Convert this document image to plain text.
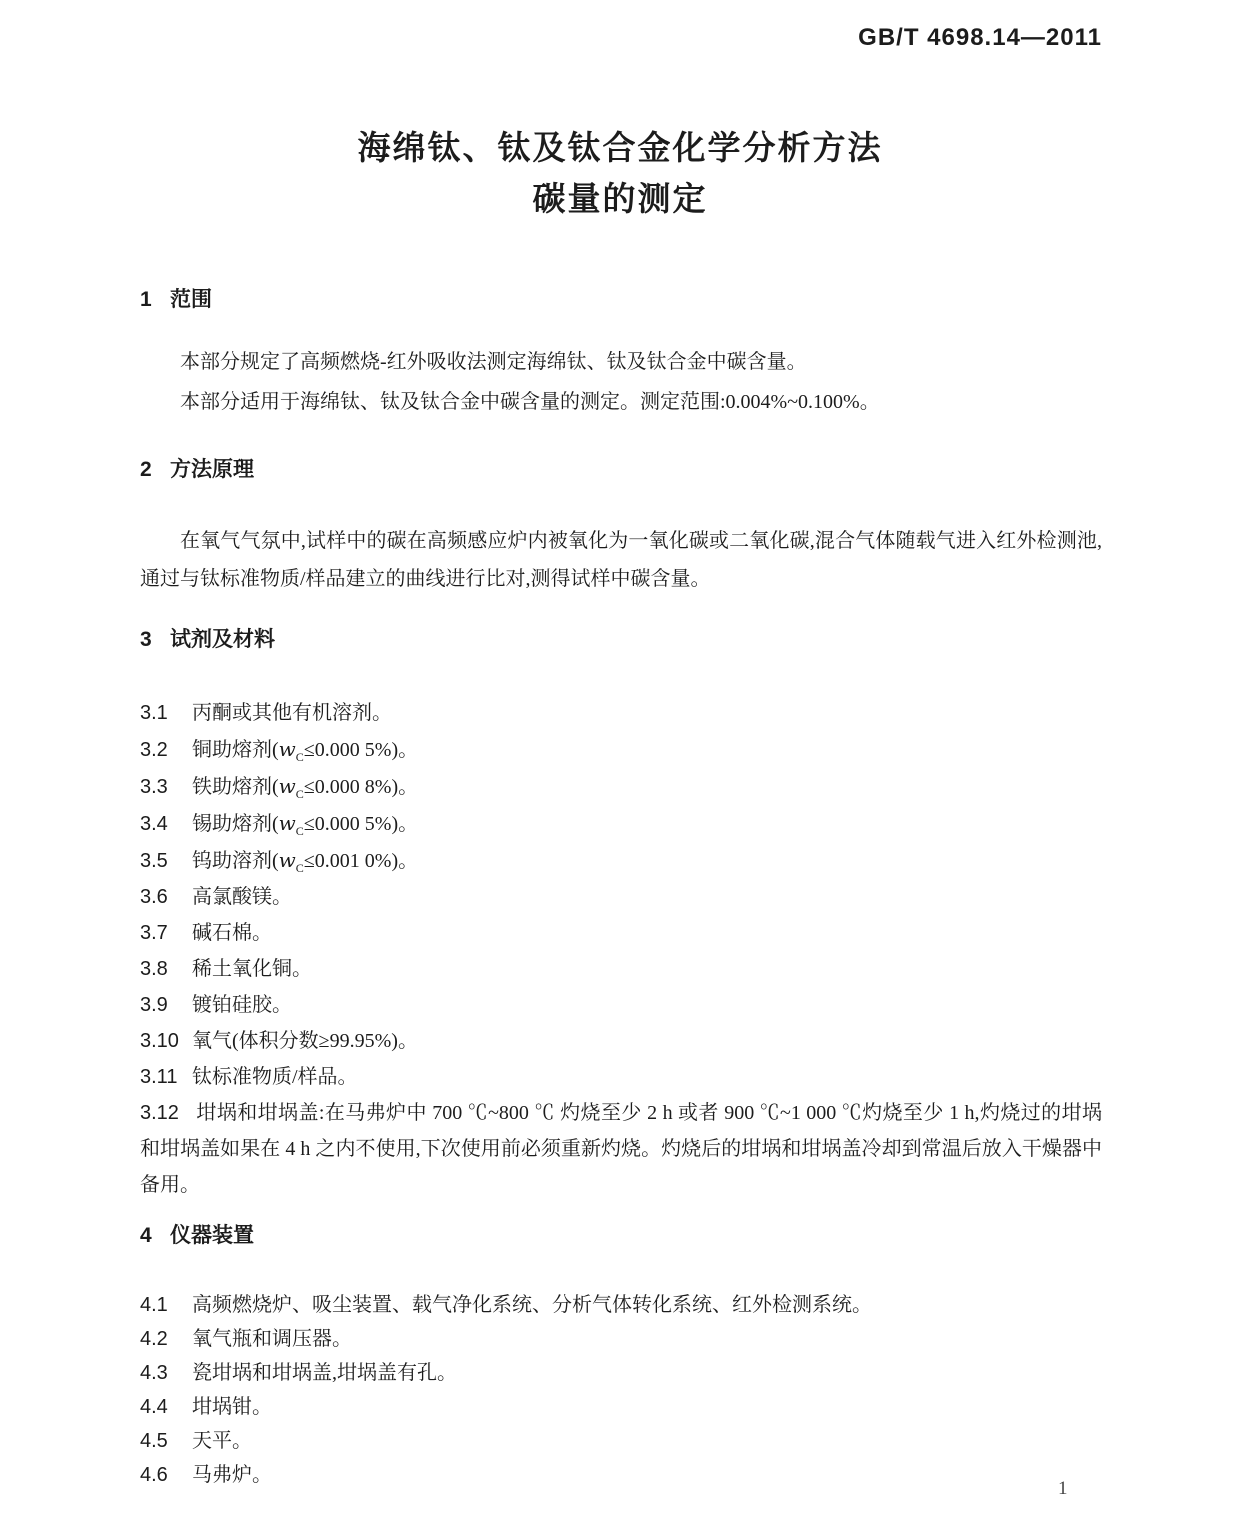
GB/T 4698.14—2011
海绵钛、钛及钛合金化学分析方法
碳量的测定
1 范围

本部分规定了高频燃烧-红外吸收法测定海绵钛、钛及钛合金中碳含量。

本部分适用于海绵钛、钛及钛合金中碳含量的测定。测定范围:0.004%~0.100%。

2 方法原理

在氧气气氛中,试样中的碳在高频感应炉内被氧化为一氧化碳或二氧化碳,混合气体随载气进入红外检测池,通过与钛标准物质/样品建立的曲线进行比对,测得试样中碳含量。

3 试剂及材料
3.1 丙酮或其他有机溶剂。
3.2 铜助熔剂($w_C\le 0.000$ 5%)。
3.3 铁助熔剂($w_C\le 0.000$ 8%)。
3.4 锡助熔剂($w_C\le 0.000$ 5%)。
3.5 钨助溶剂($w_C\le 0.001$ 0%)。
3.6 高氯酸镁。
3.7 碱石棉。
3.8 稀土氧化铜。
3.9 镀铂硅胶。
3.10 氧气(体积分数≥99.95%)。
3.11 钛标准物质/样品。

3.12 坩埚和坩埚盖:在马弗炉中 700 ℃~800 ℃ 灼烧至少 2 h 或者 900 ℃~1 000 ℃灼烧至少 1 h,灼烧过的坩埚和坩埚盖如果在 4 h 之内不使用,下次使用前必须重新灼烧。灼烧后的坩埚和坩埚盖冷却到常温后放入干燥器中备用。

4 仪器装置
4.1 高频燃烧炉、吸尘装置、载气净化系统、分析气体转化系统、红外检测系统。
4.2 氧气瓶和调压器。
4.3 瓷坩埚和坩埚盖,坩埚盖有孔。
4.4 坩埚钳。
4.5 天平。
4.6 马弗炉。
1
